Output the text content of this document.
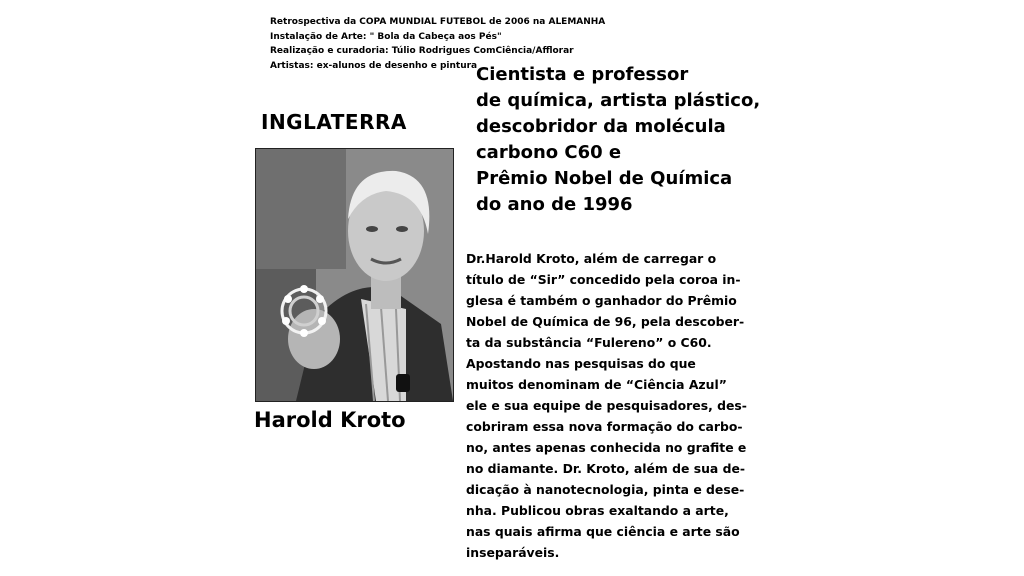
Retrospectiva da COPA MUNDIAL FUTEBOL de 2006 na ALEMANHA
Instalação de Arte: " Bola da Cabeça aos Pés"
Realização e curadoria: Túlio Rodrigues ComCiência/Afflorar
Artistas: ex-alunos de desenho e pintura
INGLATERRA
Harold Kroto
Cientista e professor
de química, artista plástico,
descobridor da molécula
carbono C60 e
Prêmio Nobel de Química
do ano de 1996
Dr.Harold Kroto, além de carregar o
título de “Sir” concedido pela coroa in-
glesa é também o ganhador do Prêmio
Nobel de Química de 96, pela descober-
ta da substância “Fulereno” o C60.
Apostando nas pesquisas do que
muitos denominam de “Ciência Azul”
ele e sua equipe de pesquisadores, des-
cobriram essa nova formação do carbo-
no, antes apenas conhecida no grafite e
no diamante. Dr. Kroto, além de sua de-
dicação à nanotecnologia, pinta e dese-
nha. Publicou obras exaltando a arte,
nas quais afirma que ciência e arte são
inseparáveis.
